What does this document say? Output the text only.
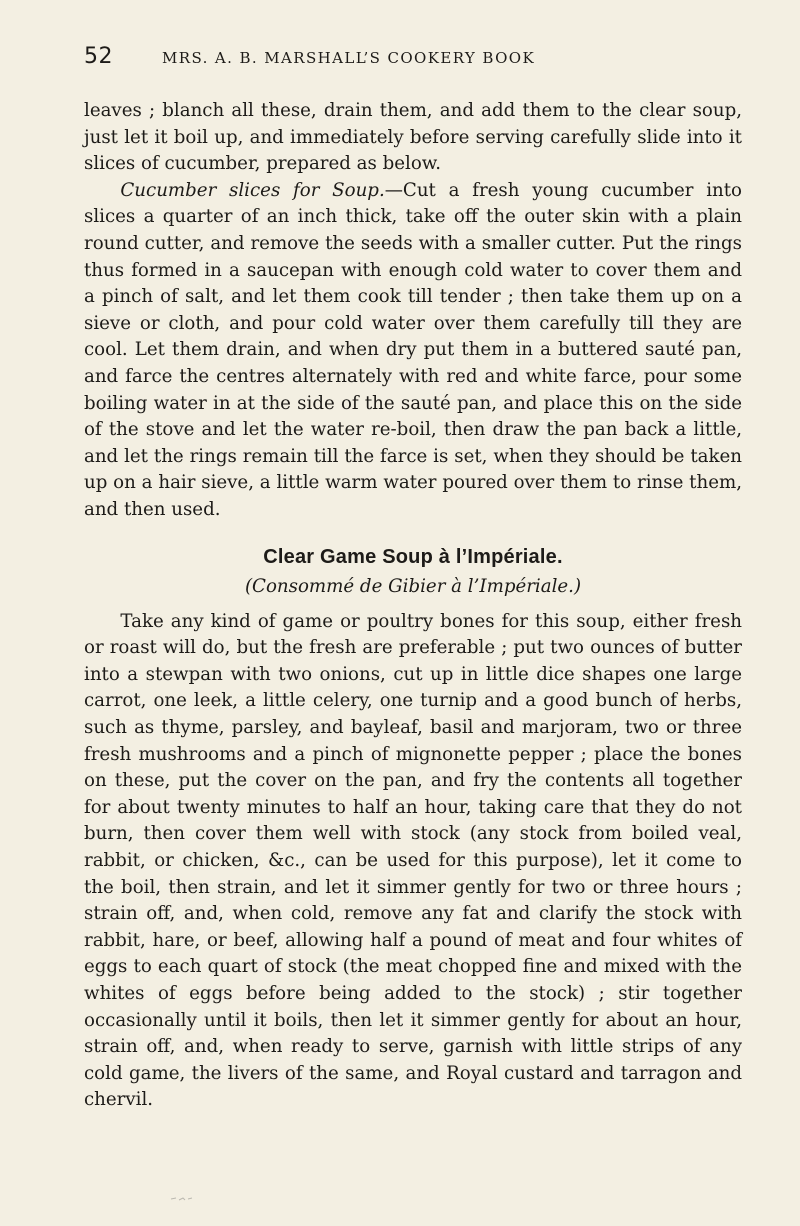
52	MRS. A. B. MARSHALL’S COOKERY BOOK

leaves ; blanch all these, drain them, and add them to the clear soup, just let it boil up, and immediately before serving carefully slide into it slices of cucumber, prepared as below.

Cucumber slices for Soup.—Cut a fresh young cucumber into slices a quarter of an inch thick, take off the outer skin with a plain round cutter, and remove the seeds with a smaller cutter. Put the rings thus formed in a saucepan with enough cold water to cover them and a pinch of salt, and let them cook till tender ; then take them up on a sieve or cloth, and pour cold water over them carefully till they are cool. Let them drain, and when dry put them in a buttered sauté pan, and farce the centres alternately with red and white farce, pour some boiling water in at the side of the sauté pan, and place this on the side of the stove and let the water re-boil, then draw the pan back a little, and let the rings remain till the farce is set, when they should be taken up on a hair sieve, a little warm water poured over them to rinse them, and then used.

Clear Game Soup à l’Impériale.
(Consommé de Gibier à l’Impériale.)

Take any kind of game or poultry bones for this soup, either fresh or roast will do, but the fresh are preferable ; put two ounces of butter into a stewpan with two onions, cut up in little dice shapes one large carrot, one leek, a little celery, one turnip and a good bunch of herbs, such as thyme, parsley, and bayleaf, basil and marjoram, two or three fresh mushrooms and a pinch of mignonette pepper ; place the bones on these, put the cover on the pan, and fry the contents all together for about twenty minutes to half an hour, taking care that they do not burn, then cover them well with stock (any stock from boiled veal, rabbit, or chicken, &c., can be used for this purpose), let it come to the boil, then strain, and let it simmer gently for two or three hours ; strain off, and, when cold, remove any fat and clarify the stock with rabbit, hare, or beef, allowing half a pound of meat and four whites of eggs to each quart of stock (the meat chopped fine and mixed with the whites of eggs before being added to the stock) ; stir together occasionally until it boils, then let it simmer gently for about an hour, strain off, and, when ready to serve, garnish with little strips of any cold game, the livers of the same, and Royal custard and tarragon and chervil.
